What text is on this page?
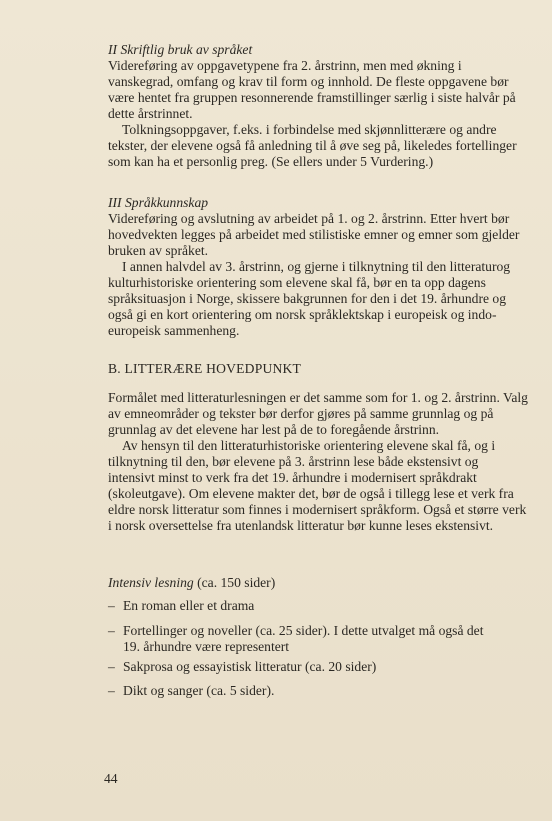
II Skriftlig bruk av språket

Videreføring av oppgavetypene fra 2. årstrinn, men med økning i vanskegrad, omfang og krav til form og innhold. De fleste oppgavene bør være hentet fra gruppen resonnerende framstillinger særlig i siste halvår på dette årstrinnet.

Tolkningsoppgaver, f.eks. i forbindelse med skjønnlitterære og andre tekster, der elevene også få anledning til å øve seg på, likeledes fortellinger som kan ha et personlig preg. (Se ellers under 5 Vurdering.)

III Språkkunnskap

Videreføring og avslutning av arbeidet på 1. og 2. årstrinn. Etter hvert bør hovedvekten legges på arbeidet med stilistiske emner og emner som gjelder bruken av språket.

I annen halvdel av 3. årstrinn, og gjerne i tilknytning til den litteraturog kulturhistoriske orientering som elevene skal få, bør en ta opp dagens språksituasjon i Norge, skissere bakgrunnen for den i det 19. århundre og også gi en kort orientering om norsk språklektskap i europeisk og indo-europeisk sammenheng.

B. LITTERÆRE HOVEDPUNKT

Formålet med litteraturlesningen er det samme som for 1. og 2. årstrinn. Valg av emneområder og tekster bør derfor gjøres på samme grunnlag og på grunnlag av det elevene har lest på de to foregående årstrinn.

Av hensyn til den litteraturhistoriske orientering elevene skal få, og i tilknytning til den, bør elevene på 3. årstrinn lese både ekstensivt og intensivt minst to verk fra det 19. århundre i modernisert språkdrakt (skoleutgave). Om elevene makter det, bør de også i tillegg lese et verk fra eldre norsk litteratur som finnes i modernisert språkform. Også et større verk i norsk oversettelse fra utenlandsk litteratur bør kunne leses ekstensivt.

Intensiv lesning (ca. 150 sider)
– En roman eller et drama
– Fortellinger og noveller (ca. 25 sider). I dette utvalget må også det
19. århundre være representert
– Sakprosa og essayistisk litteratur (ca. 20 sider)
– Dikt og sanger (ca. 5 sider).
44
